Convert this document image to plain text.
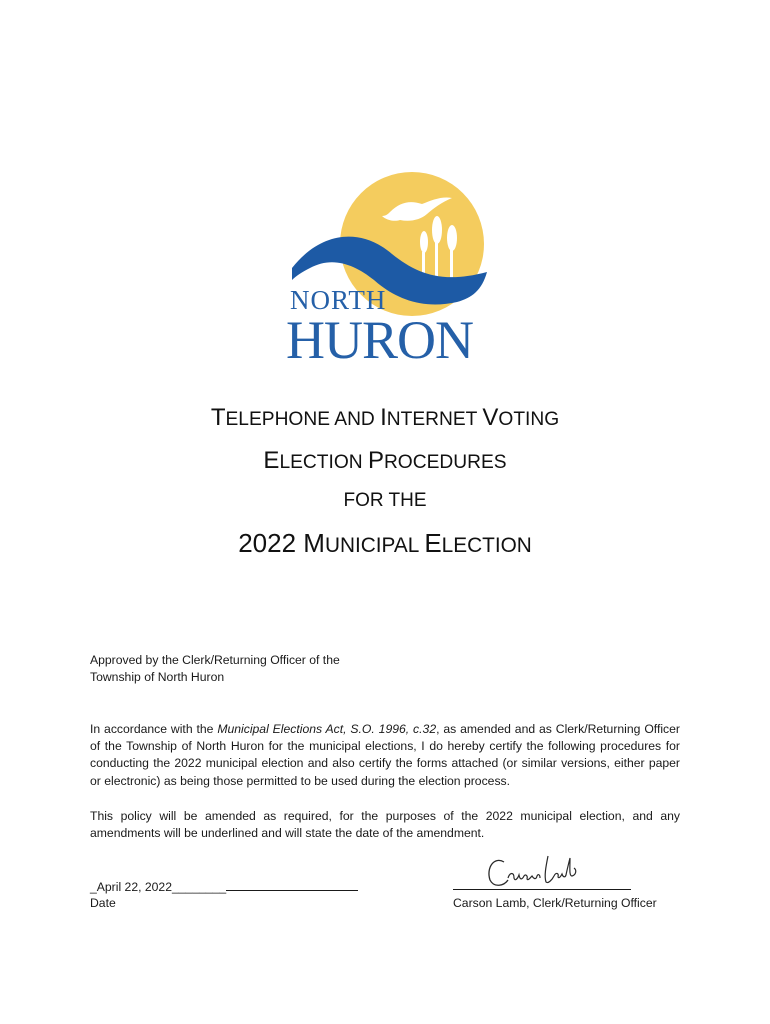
NORTH
HURON
TELEPHONE AND INTERNET VOTING
ELECTION PROCEDURES
FOR THE
2022 MUNICIPAL ELECTION
Approved by the Clerk/Returning Officer of the
Township of North Huron
In accordance with the Municipal Elections Act, S.O. 1996, c.32, as amended and as Clerk/Returning Officer of the Township of North Huron for the municipal elections, I do hereby certify the following procedures for conducting the 2022 municipal election and also certify the forms attached (or similar versions, either paper or electronic) as being those permitted to be used during the election process.
This policy will be amended as required, for the purposes of the 2022 municipal election, and any amendments will be underlined and will state the date of the amendment.
_April 22, 2022________
Date	Carson Lamb, Clerk/Returning Officer
